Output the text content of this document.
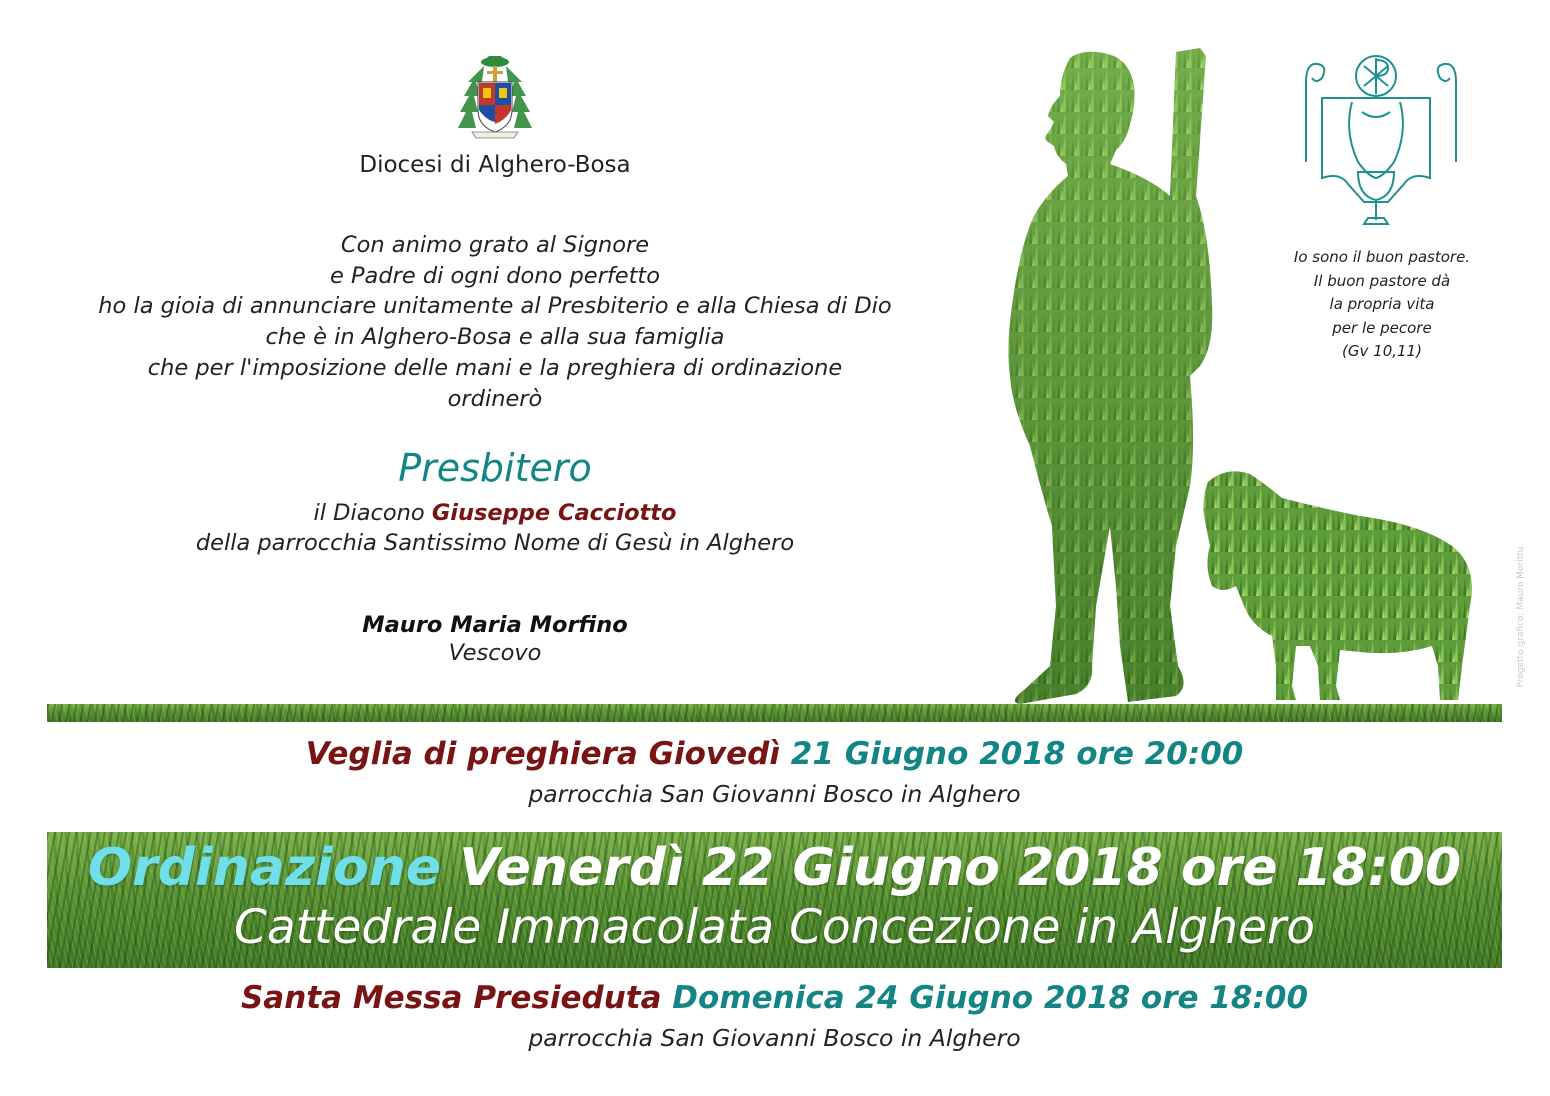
Diocesi di Alghero-Bosa
Con animo grato al Signore
e Padre di ogni dono perfetto
ho la gioia di annunciare unitamente al Presbiterio e alla Chiesa di Dio
che è in Alghero-Bosa e alla sua famiglia
che per l'imposizione delle mani e la preghiera di ordinazione
ordinerò
Presbitero
il Diacono Giuseppe Cacciotto
della parrocchia Santissimo Nome di Gesù in Alghero
Mauro Maria Morfino
Vescovo
Io sono il buon pastore.
Il buon pastore dà
la propria vita
per le pecore
(Gv 10,11)
Progetto grafico: Mauro Morittu
Veglia di preghiera Giovedì 21 Giugno 2018 ore 20:00
parrocchia San Giovanni Bosco in Alghero
Ordinazione Venerdì 22 Giugno 2018 ore 18:00
Cattedrale Immacolata Concezione in Alghero
Santa Messa Presieduta Domenica 24 Giugno 2018 ore 18:00
parrocchia San Giovanni Bosco in Alghero
